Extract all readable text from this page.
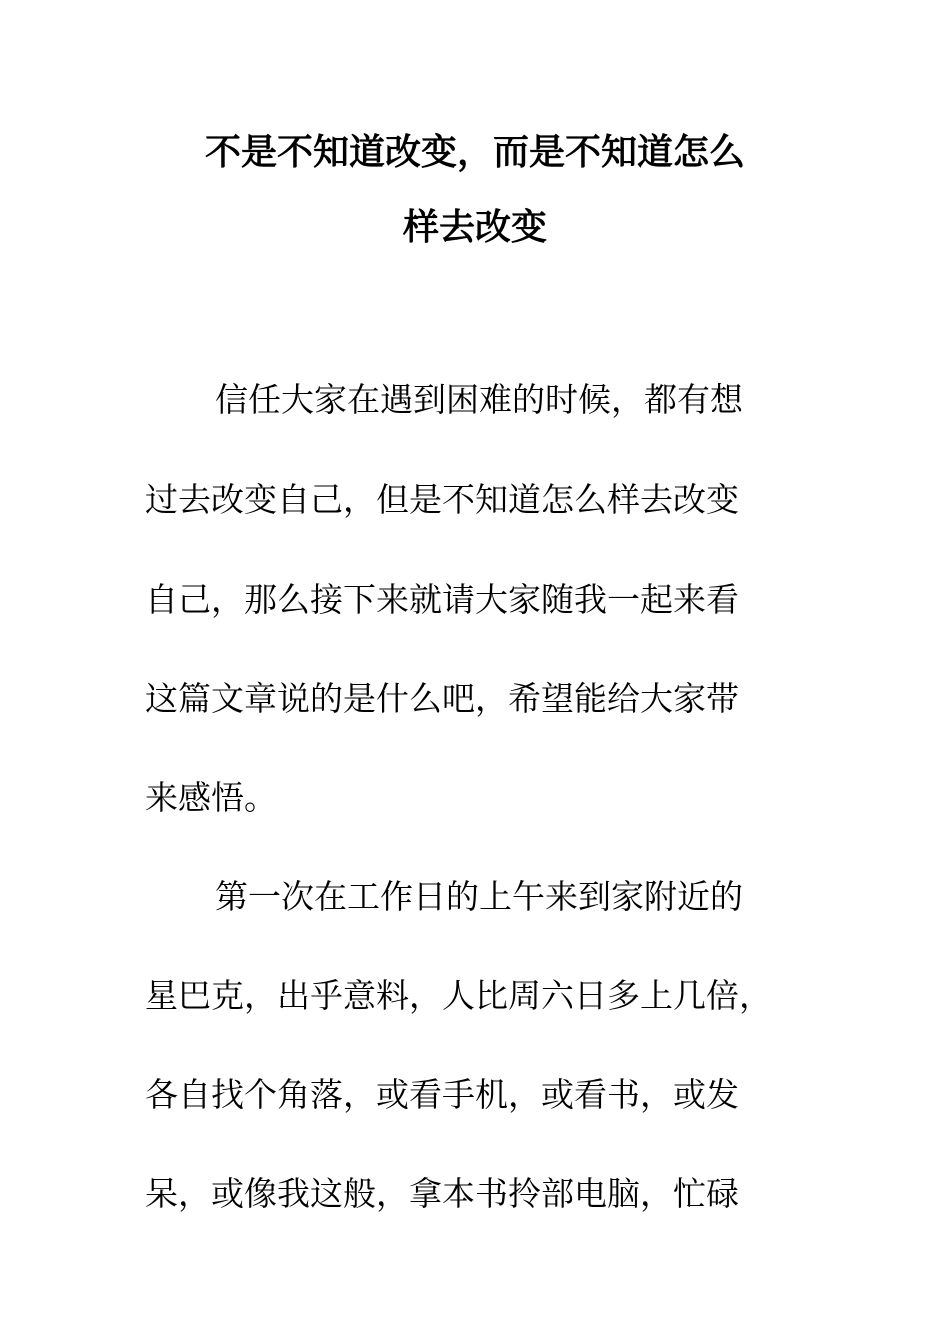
不是不知道改变，而是不知道怎么
样去改变

信任大家在遇到困难的时候，都有想

过去改变自己，但是不知道怎么样去改变

自己，那么接下来就请大家随我一起来看

这篇文章说的是什么吧，希望能给大家带

来感悟。

第一次在工作日的上午来到家附近的

星巴克，出乎意料，人比周六日多上几倍，

各自找个角落，或看手机，或看书，或发

呆，或像我这般，拿本书拎部电脑，忙碌
